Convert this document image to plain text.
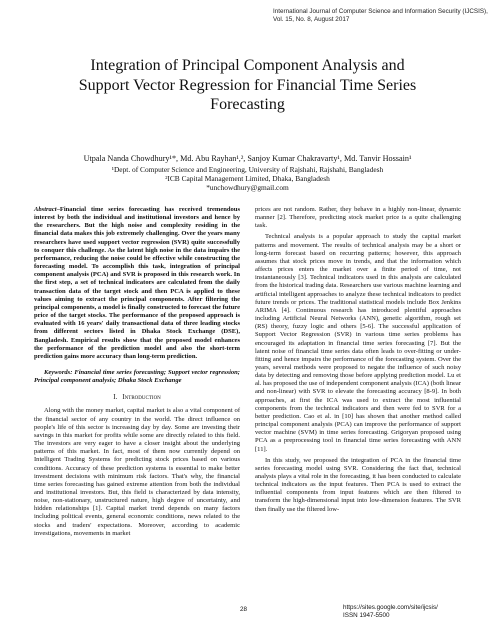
International Journal of Computer Science and Information Security (IJCSIS),
Vol. 15, No. 8, August 2017
Integration of Principal Component Analysis and
Support Vector Regression for Financial Time Series
Forecasting
Utpala Nanda Chowdhury¹*, Md. Abu Rayhan¹,², Sanjoy Kumar Chakravarty¹, Md. Tanvir Hossain¹
¹Dept. of Computer Science and Engineering, University of Rajshahi, Rajshahi, Bangladesh
²ICB Capital Management Limited, Dhaka, Bangladesh
*unchowdhury@gmail.com

Abstract–Financial time series forecasting has received tremendous interest by both the individual and institutional investors and hence by the researchers. But the high noise and complexity residing in the financial data makes this job extremely challenging. Over the years many researchers have used support vector regression (SVR) quite successfully to conquer this challenge. As the latent high noise in the data impairs the performance, reducing the noise could be effective while constructing the forecasting model. To accomplish this task, integration of principal component analysis (PCA) and SVR is proposed in this research work. In the first step, a set of technical indicators are calculated from the daily transaction data of the target stock and then PCA is applied to these values aiming to extract the principal components. After filtering the principal components, a model is finally constructed to forecast the future price of the target stocks. The performance of the proposed approach is evaluated with 16 years' daily transactional data of three leading stocks from different sectors listed in Dhaka Stock Exchange (DSE), Bangladesh. Empirical results show that the proposed model enhances the performance of the prediction model and also the short-term prediction gains more accuracy than long-term prediction.

Keywords: Financial time series forecasting; Support vector regression; Principal component analysis; Dhaka Stock Exchange

I. Introduction

Along with the money market, capital market is also a vital component of the financial sector of any country in the world. The direct influence on people's life of this sector is increasing day by day. Some are investing their savings in this market for profits while some are directly related to this field. The investors are very eager to have a closer insight about the underlying patterns of this market. In fact, most of them now currently depend on Intelligent Trading Systems for predicting stock prices based on various conditions. Accuracy of these prediction systems is essential to make better investment decisions with minimum risk factors. That's why, the financial time series forecasting has gained extreme attention from both the individual and institutional investors. But, this field is characterized by data intensity, noise, non-stationary, unstructured nature, high degree of uncertainty, and hidden relationships [1]. Capital market trend depends on many factors including political events, general economic conditions, news related to the stocks and traders' expectations. Moreover, according to academic investigations, movements in market

prices are not random. Rather, they behave in a highly non-linear, dynamic manner [2]. Therefore, predicting stock market price is a quite challenging task.

Technical analysis is a popular approach to study the capital market patterns and movement. The results of technical analysis may be a short or long-term forecast based on recurring patterns; however, this approach assumes that stock prices move in trends, and that the information which affects prices enters the market over a finite period of time, not instantaneously [3]. Technical indicators used in this analysis are calculated from the historical trading data. Researchers use various machine learning and artificial intelligent approaches to analyze these technical indicators to predict future trends or prices. The traditional statistical models include Box Jenkins ARIMA [4]. Continuous research has introduced plentiful approaches including Artificial Neural Networks (ANN), genetic algorithm, rough set (RS) theory, fuzzy logic and others [5-6]. The successful application of Support Vector Regression (SVR) in various time series problems has encouraged its adaptation in financial time series forecasting [7]. But the latent noise of financial time series data often leads to over-fitting or under-fitting and hence impairs the performance of the forecasting system. Over the years, several methods were proposed to negate the influence of such noisy data by detecting and removing those before applying prediction model. Lu et al. has proposed the use of independent component analysis (ICA) (both linear and non-linear) with SVR to elevate the forecasting accuracy [8-9]. In both approaches, at first the ICA was used to extract the most influential components from the technical indicators and then were fed to SVR for a better prediction. Cao et al. in [10] has shown that another method called principal component analysis (PCA) can improve the performance of support vector machine (SVM) in time series forecasting. Grigoryan proposed using PCA as a preprocessing tool in financial time series forecasting with ANN [11].

In this study, we proposed the integration of PCA in the financial time series forecasting model using SVR. Considering the fact that, technical analysis plays a vital role in the forecasting, it has been conducted to calculate technical indicators as the input features. Then PCA is used to extract the influential components from input features which are then filtered to transform the high-dimensional input into low-dimension features. The SVR then finally use the filtered low-

28	https://sites.google.com/site/ijcsis/
ISSN 1947-5500
